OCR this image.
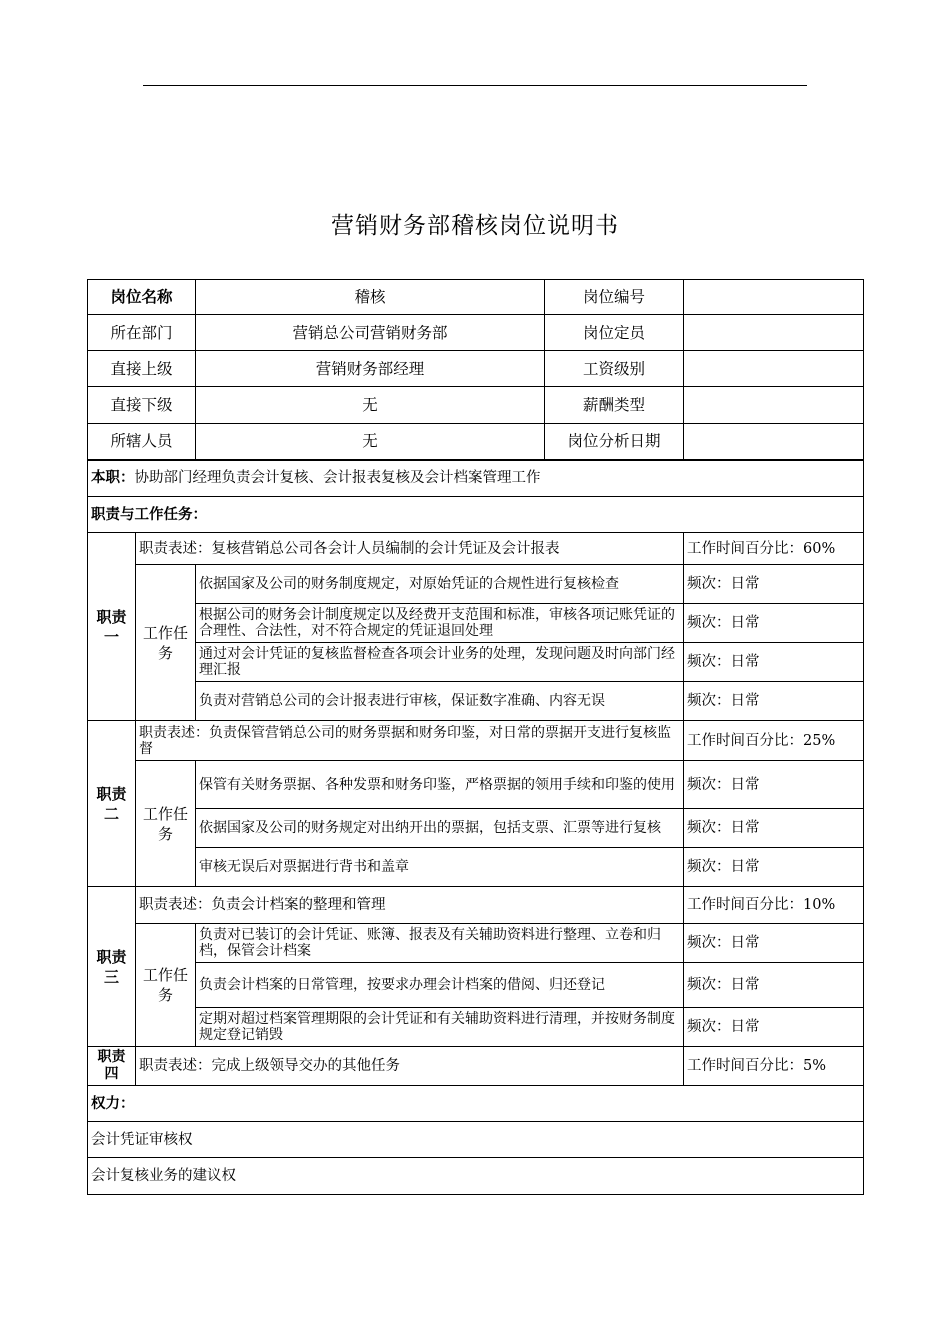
营销财务部稽核岗位说明书
岗位名称		稽核	岗位编号	
所在部门		营销总公司营销财务部	岗位定员	
直接上级		营销财务部经理	工资级别	
直接下级		无	薪酬类型	
所辖人员		无	岗位分析日期	
本职：协助部门经理负责会计复核、会计报表复核及会计档案管理工作				
职责与工作任务：				
职责一	职责表述：复核营销总公司各会计人员编制的会计凭证及会计报表			工作时间百分比：60%
	工作任务	依据国家及公司的财务制度规定，对原始凭证的合规性进行复核检查		频次：日常
		根据公司的财务会计制度规定以及经费开支范围和标准，审核各项记账凭证的合理性、合法性，对不符合规定的凭证退回处理		频次：日常
		通过对会计凭证的复核监督检查各项会计业务的处理，发现问题及时向部门经理汇报		频次：日常
		负责对营销总公司的会计报表进行审核，保证数字准确、内容无误		频次：日常
职责二	职责表述：负责保管营销总公司的财务票据和财务印鉴，对日常的票据开支进行复核监督			工作时间百分比：25%
	工作任务	保管有关财务票据、各种发票和财务印鉴，严格票据的领用手续和印鉴的使用		频次：日常
		依据国家及公司的财务规定对出纳开出的票据，包括支票、汇票等进行复核		频次：日常
		审核无误后对票据进行背书和盖章		频次：日常
职责三	职责表述：负责会计档案的整理和管理			工作时间百分比：10%
	工作任务	负责对已装订的会计凭证、账簿、报表及有关辅助资料进行整理、立卷和归档，保管会计档案		频次：日常
		负责会计档案的日常管理，按要求办理会计档案的借阅、归还登记		频次：日常
		定期对超过档案管理期限的会计凭证和有关辅助资料进行清理，并按财务制度规定登记销毁		频次：日常
职责四	职责表述：完成上级领导交办的其他任务			工作时间百分比：5%
权力：				
会计凭证审核权				
会计复核业务的建议权				
